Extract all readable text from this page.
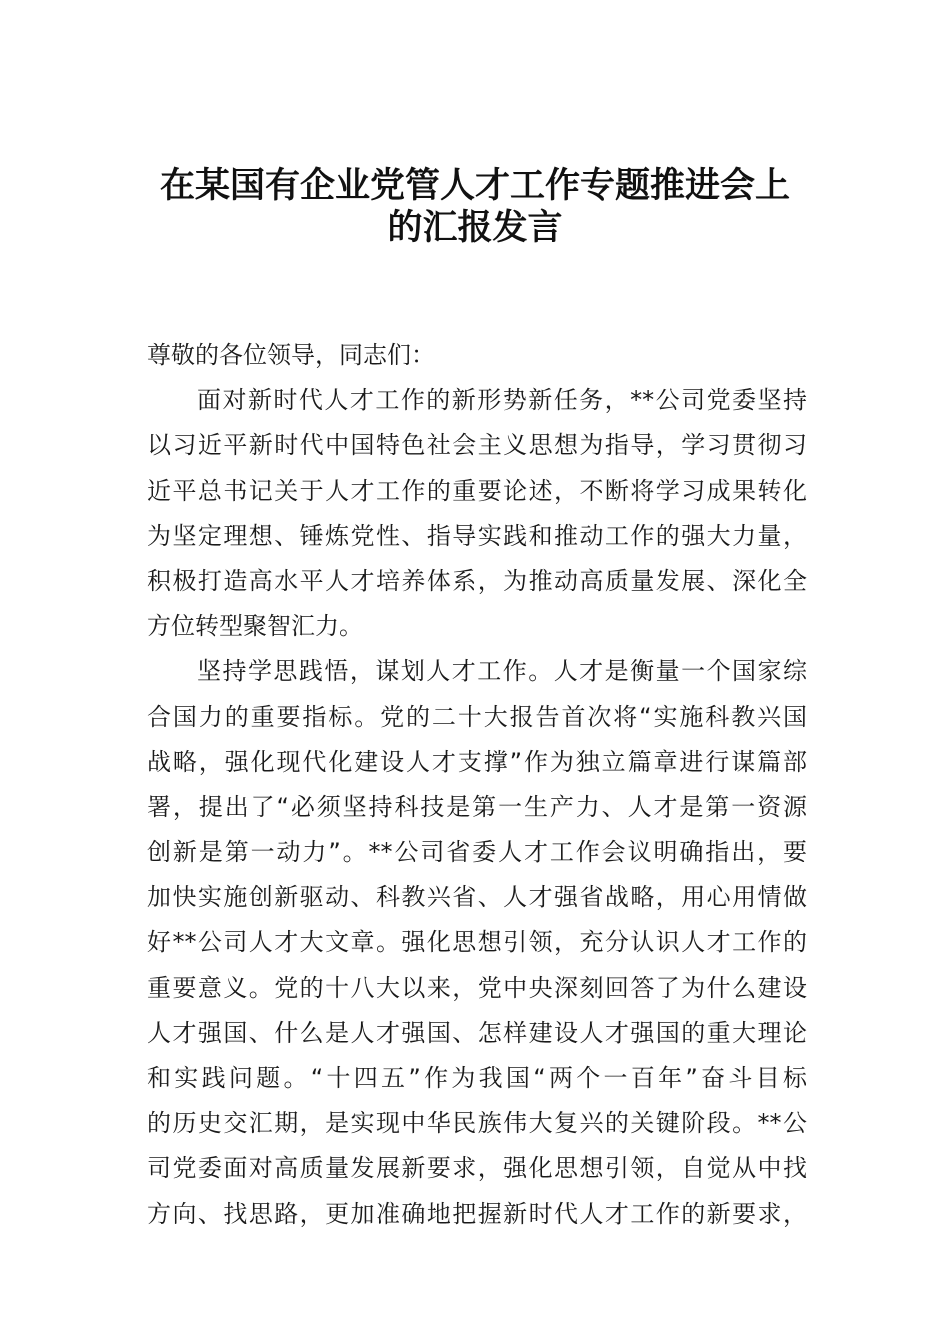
在某国有企业党管人才工作专题推进会上
的汇报发言
尊敬的各位领导，同志们：
面对新时代人才工作的新形势新任务，**公司党委坚持
以习近平新时代中国特色社会主义思想为指导，学习贯彻习
近平总书记关于人才工作的重要论述，不断将学习成果转化
为坚定理想、锤炼党性、指导实践和推动工作的强大力量，
积极打造高水平人才培养体系，为推动高质量发展、深化全
方位转型聚智汇力。
坚持学思践悟，谋划人才工作。人才是衡量一个国家综
合国力的重要指标。党的二十大报告首次将“实施科教兴国
战略，强化现代化建设人才支撑”作为独立篇章进行谋篇部
署，提出了“必须坚持科技是第一生产力、人才是第一资源
创新是第一动力”。**公司省委人才工作会议明确指出，要
加快实施创新驱动、科教兴省、人才强省战略，用心用情做
好**公司人才大文章。强化思想引领，充分认识人才工作的
重要意义。党的十八大以来，党中央深刻回答了为什么建设
人才强国、什么是人才强国、怎样建设人才强国的重大理论
和实践问题。“十四五”作为我国“两个一百年”奋斗目标
的历史交汇期，是实现中华民族伟大复兴的关键阶段。**公
司党委面对高质量发展新要求，强化思想引领，自觉从中找
方向、找思路，更加准确地把握新时代人才工作的新要求，
